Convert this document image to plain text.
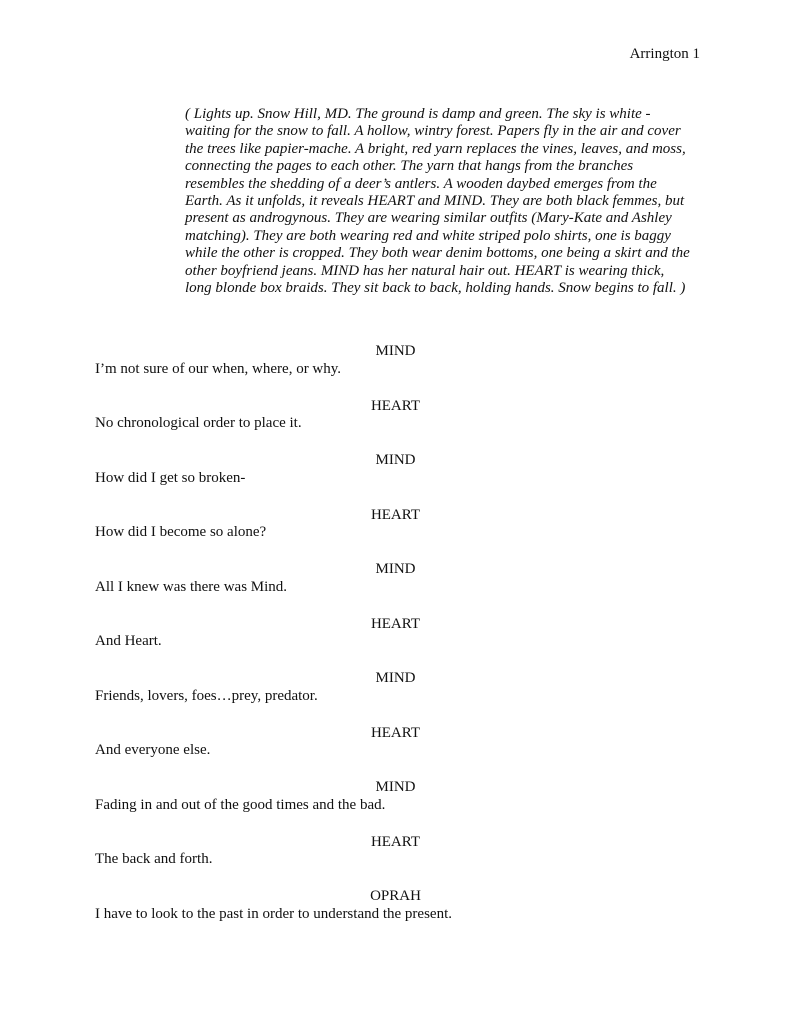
Arrington 1
( Lights up. Snow Hill, MD. The ground is damp and green. The sky is white - waiting for the snow to fall. A hollow, wintry forest. Papers fly in the air and cover the trees like papier-mache. A bright, red yarn replaces the vines, leaves, and moss, connecting the pages to each other. The yarn that hangs from the branches resembles the shedding of a deer’s antlers. A wooden daybed emerges from the Earth. As it unfolds, it reveals HEART and MIND. They are both black femmes, but present as androgynous. They are wearing similar outfits (Mary-Kate and Ashley matching). They are both wearing red and white striped polo shirts, one is baggy while the other is cropped. They both wear denim bottoms, one being a skirt and the other boyfriend jeans. MIND has her natural hair out. HEART is wearing thick, long blonde box braids. They sit back to back, holding hands. Snow begins to fall. )
MIND
I’m not sure of our when, where, or why.
HEART
No chronological order to place it.
MIND
How did I get so broken-
HEART
How did I become so alone?
MIND
All I knew was there was Mind.
HEART
And Heart.
MIND
Friends, lovers, foes…prey, predator.
HEART
And everyone else.
MIND
Fading in and out of the good times and the bad.
HEART
The back and forth.
OPRAH
I have to look to the past in order to understand the present.
